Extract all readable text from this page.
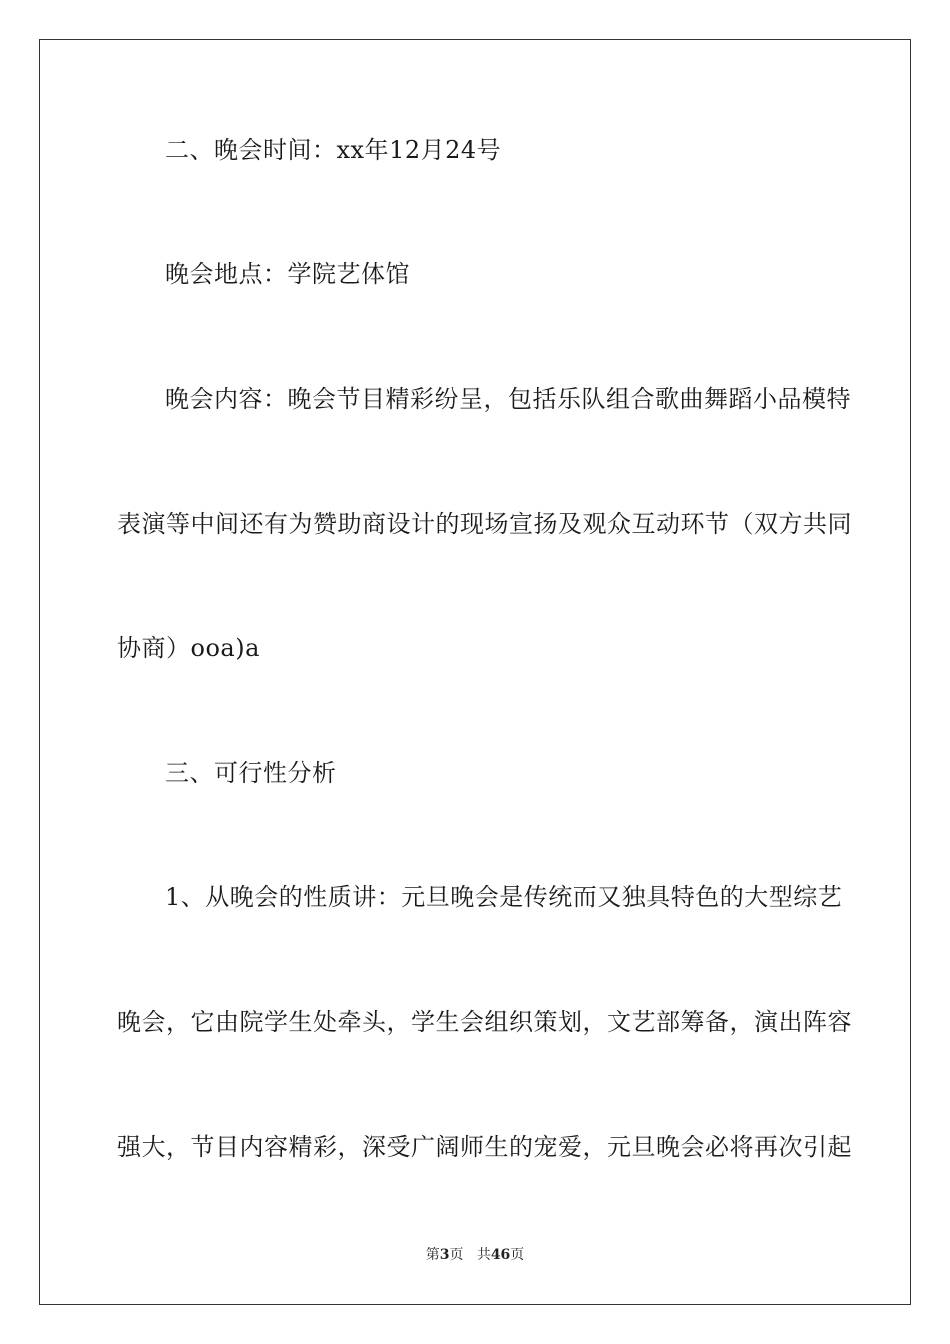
二、晚会时间：xx年12月24号
晚会地点：学院艺体馆
晚会内容：晚会节目精彩纷呈，包括乐队组合歌曲舞蹈小品模特
表演等中间还有为赞助商设计的现场宣扬及观众互动环节（双方共同
协商）ooa)a
三、可行性分析
1、从晚会的性质讲：元旦晚会是传统而又独具特色的大型综艺
晚会，它由院学生处牵头，学生会组织策划，文艺部筹备，演出阵容
强大，节目内容精彩，深受广阔师生的宠爱，元旦晚会必将再次引起
第3页 共46页
